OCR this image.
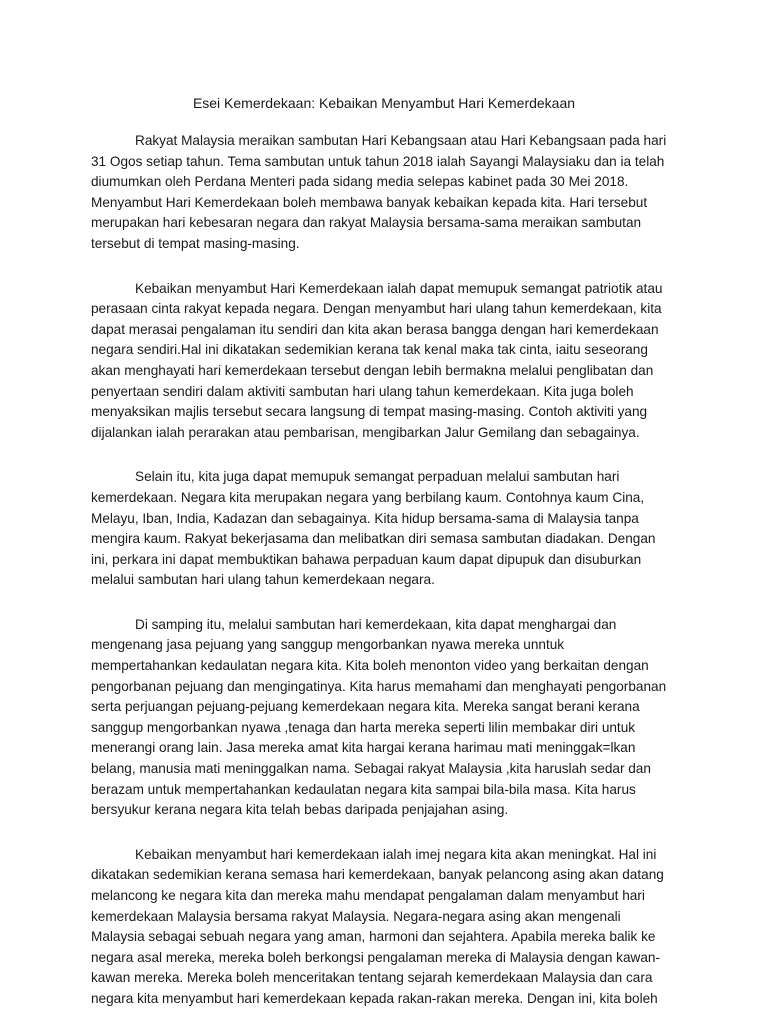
Esei Kemerdekaan: Kebaikan Menyambut Hari Kemerdekaan

Rakyat Malaysia meraikan sambutan Hari Kebangsaan atau Hari Kebangsaan pada hari
31 Ogos setiap tahun. Tema sambutan untuk tahun 2018 ialah Sayangi Malaysiaku dan ia telah
diumumkan oleh Perdana Menteri pada sidang media selepas kabinet pada 30 Mei 2018.
Menyambut Hari Kemerdekaan boleh membawa banyak kebaikan kepada kita. Hari tersebut
merupakan hari kebesaran negara dan rakyat Malaysia bersama-sama meraikan sambutan
tersebut di tempat masing-masing.

Kebaikan menyambut Hari Kemerdekaan ialah dapat memupuk semangat patriotik atau
perasaan cinta rakyat kepada negara. Dengan menyambut hari ulang tahun kemerdekaan, kita
dapat merasai pengalaman itu sendiri dan kita akan berasa bangga dengan hari kemerdekaan
negara sendiri.Hal ini dikatakan sedemikian kerana tak kenal maka tak cinta, iaitu seseorang
akan menghayati hari kemerdekaan tersebut dengan lebih bermakna melalui penglibatan dan
penyertaan sendiri dalam aktiviti sambutan hari ulang tahun kemerdekaan. Kita juga boleh
menyaksikan majlis tersebut secara langsung di tempat masing-masing. Contoh aktiviti yang
dijalankan ialah perarakan atau pembarisan, mengibarkan Jalur Gemilang dan sebagainya.

Selain itu, kita juga dapat memupuk semangat perpaduan melalui sambutan hari
kemerdekaan. Negara kita merupakan negara yang berbilang kaum. Contohnya kaum Cina,
Melayu, Iban, India, Kadazan dan sebagainya. Kita hidup bersama-sama di Malaysia tanpa
mengira kaum. Rakyat bekerjasama dan melibatkan diri semasa sambutan diadakan. Dengan
ini, perkara ini dapat membuktikan bahawa perpaduan kaum dapat dipupuk dan disuburkan
melalui sambutan hari ulang tahun kemerdekaan negara.

Di samping itu, melalui sambutan hari kemerdekaan, kita dapat menghargai dan
mengenang jasa pejuang yang sanggup mengorbankan nyawa mereka unntuk
mempertahankan kedaulatan negara kita. Kita boleh menonton video yang berkaitan dengan
pengorbanan pejuang dan mengingatinya. Kita harus memahami dan menghayati pengorbanan
serta perjuangan pejuang-pejuang kemerdekaan negara kita. Mereka sangat berani kerana
sanggup mengorbankan nyawa ,tenaga dan harta mereka seperti lilin membakar diri untuk
menerangi orang lain. Jasa mereka amat kita hargai kerana harimau mati meninggak=lkan
belang, manusia mati meninggalkan nama. Sebagai rakyat Malaysia ,kita haruslah sedar dan
berazam untuk mempertahankan kedaulatan negara kita sampai bila-bila masa. Kita harus
bersyukur kerana negara kita telah bebas daripada penjajahan asing.

Kebaikan menyambut hari kemerdekaan ialah imej negara kita akan meningkat. Hal ini
dikatakan sedemikian kerana semasa hari kemerdekaan, banyak pelancong asing akan datang
melancong ke negara kita dan mereka mahu mendapat pengalaman dalam menyambut hari
kemerdekaan Malaysia bersama rakyat Malaysia. Negara-negara asing akan mengenali
Malaysia sebagai sebuah negara yang aman, harmoni dan sejahtera. Apabila mereka balik ke
negara asal mereka, mereka boleh berkongsi pengalaman mereka di Malaysia dengan kawan-
kawan mereka. Mereka boleh menceritakan tentang sejarah kemerdekaan Malaysia dan cara
negara kita menyambut hari kemerdekaan kepada rakan-rakan mereka. Dengan ini, kita boleh
